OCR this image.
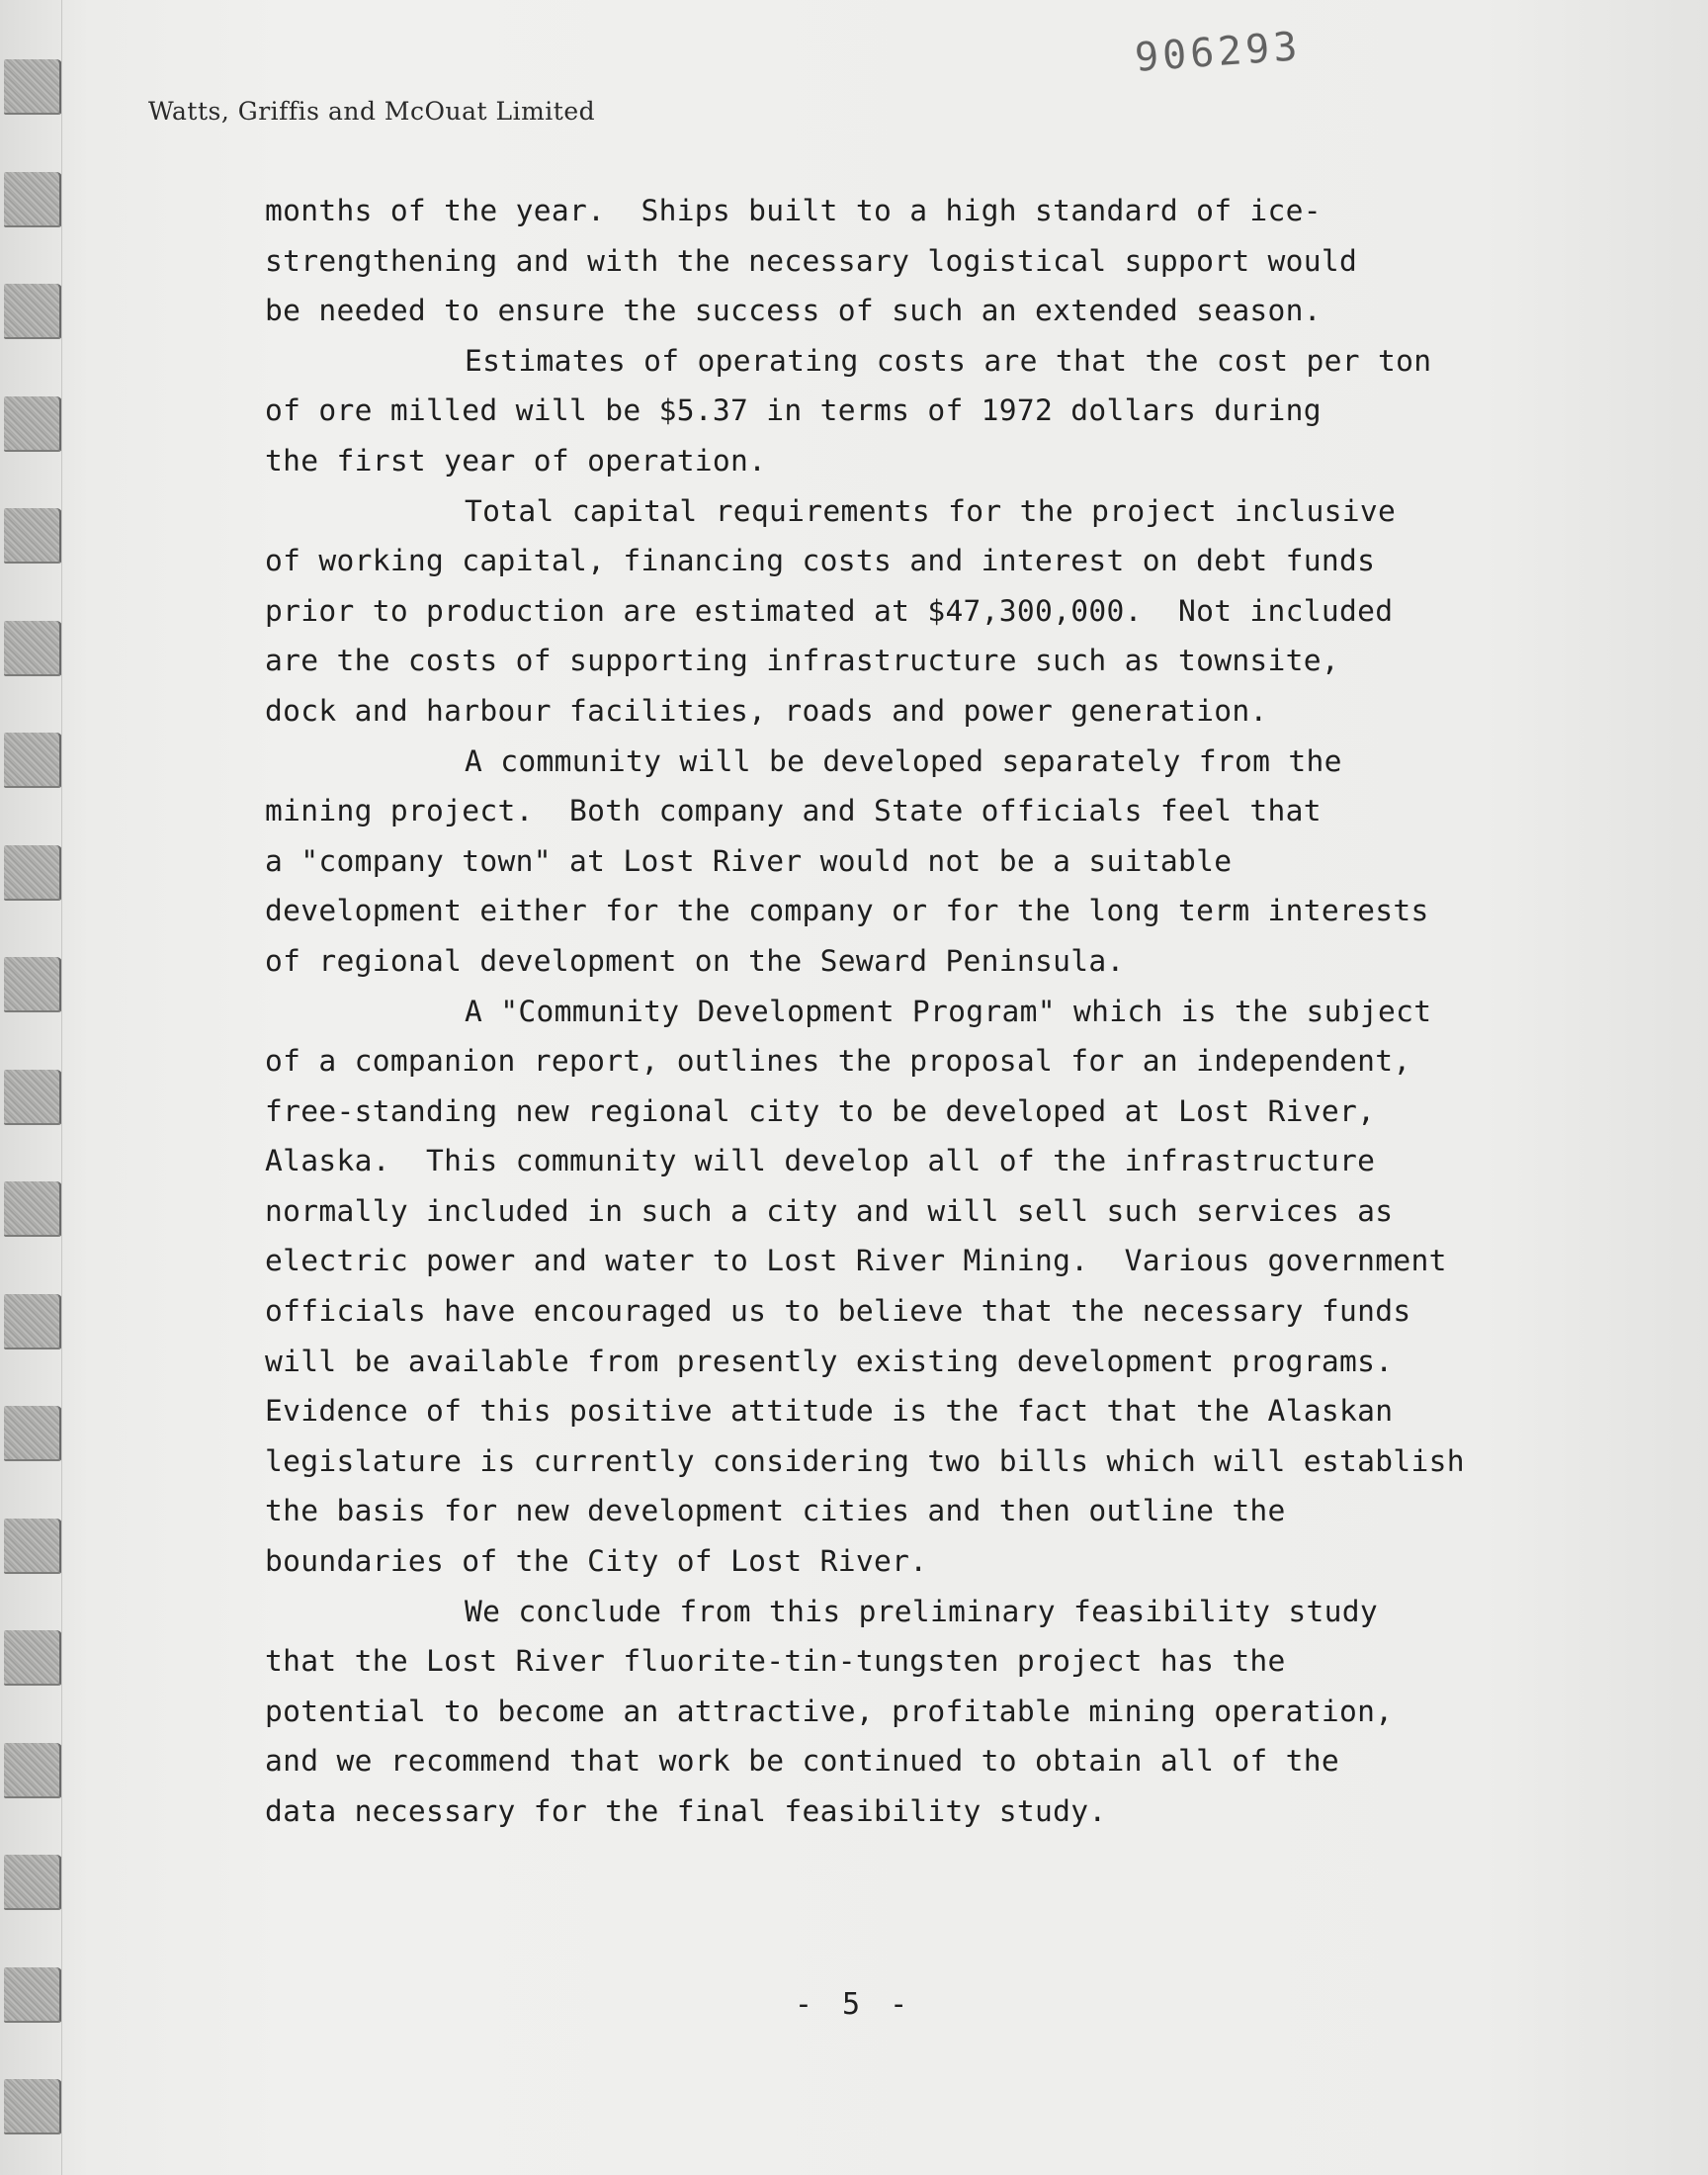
906293
Watts, Griffis and McOuat Limited
months of the year.  Ships built to a high standard of ice-
strengthening and with the necessary logistical support would
be needed to ensure the success of such an extended season.
Estimates of operating costs are that the cost per ton
of ore milled will be $5.37 in terms of 1972 dollars during
the first year of operation.
Total capital requirements for the project inclusive
of working capital, financing costs and interest on debt funds
prior to production are estimated at $47,300,000.  Not included
are the costs of supporting infrastructure such as townsite,
dock and harbour facilities, roads and power generation.
A community will be developed separately from the
mining project.  Both company and State officials feel that
a "company town" at Lost River would not be a suitable
development either for the company or for the long term interests
of regional development on the Seward Peninsula.
A "Community Development Program" which is the subject
of a companion report, outlines the proposal for an independent,
free-standing new regional city to be developed at Lost River,
Alaska.  This community will develop all of the infrastructure
normally included in such a city and will sell such services as
electric power and water to Lost River Mining.  Various government
officials have encouraged us to believe that the necessary funds
will be available from presently existing development programs.
Evidence of this positive attitude is the fact that the Alaskan
legislature is currently considering two bills which will establish
the basis for new development cities and then outline the
boundaries of the City of Lost River.
We conclude from this preliminary feasibility study
that the Lost River fluorite-tin-tungsten project has the
potential to become an attractive, profitable mining operation,
and we recommend that work be continued to obtain all of the
data necessary for the final feasibility study.
- 5 -
